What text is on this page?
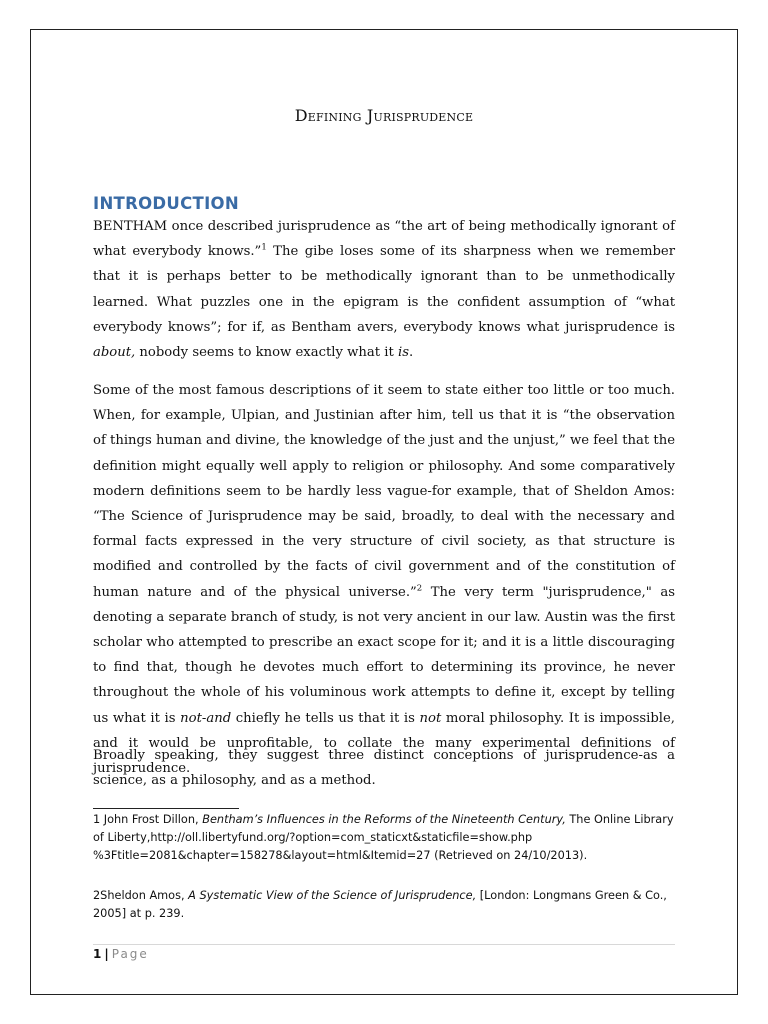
Defining Jurisprudence
INTRODUCTION
BENTHAM once described jurisprudence as “the art of being methodically ignorant of what everybody knows.”$^1$ The gibe loses some of its sharpness when we remember that it is perhaps better to be methodically ignorant than to be unmethodically learned. What puzzles one in the epigram is the confident assumption of “what everybody knows”; for if, as Bentham avers, everybody knows what jurisprudence is about, nobody seems to know exactly what it is.
Some of the most famous descriptions of it seem to state either too little or too much. When, for example, Ulpian, and Justinian after him, tell us that it is “the observation of things human and divine, the knowledge of the just and the unjust,” we feel that the definition might equally well apply to religion or philosophy. And some comparatively modern definitions seem to be hardly less vague-for example, that of Sheldon Amos: “The Science of Jurisprudence may be said, broadly, to deal with the necessary and formal facts expressed in the very structure of civil society, as that structure is modified and controlled by the facts of civil government and of the constitution of human nature and of the physical universe.”$^2$ The very term "jurisprudence," as denoting a separate branch of study, is not very ancient in our law. Austin was the first scholar who attempted to prescribe an exact scope for it; and it is a little discouraging to find that, though he devotes much effort to determining its province, he never throughout the whole of his voluminous work attempts to define it, except by telling us what it is not-and chiefly he tells us that it is not moral philosophy. It is impossible, and it would be unprofitable, to collate the many experimental definitions of jurisprudence.
Broadly speaking, they suggest three distinct conceptions of jurisprudence-as a science, as a philosophy, and as a method.
1 John Frost Dillon, Bentham’s Influences in the Reforms of the Nineteenth Century, The Online Library of Liberty,http://oll.libertyfund.org/?option=com_staticxt&staticfile=show.php %3Ftitle=2081&chapter=158278&layout=html&Itemid=27 (Retrieved on 24/10/2013).
2Sheldon Amos, A Systematic View of the Science of Jurisprudence, [London: Longmans Green & Co., 2005] at p. 239.
1 | Page
